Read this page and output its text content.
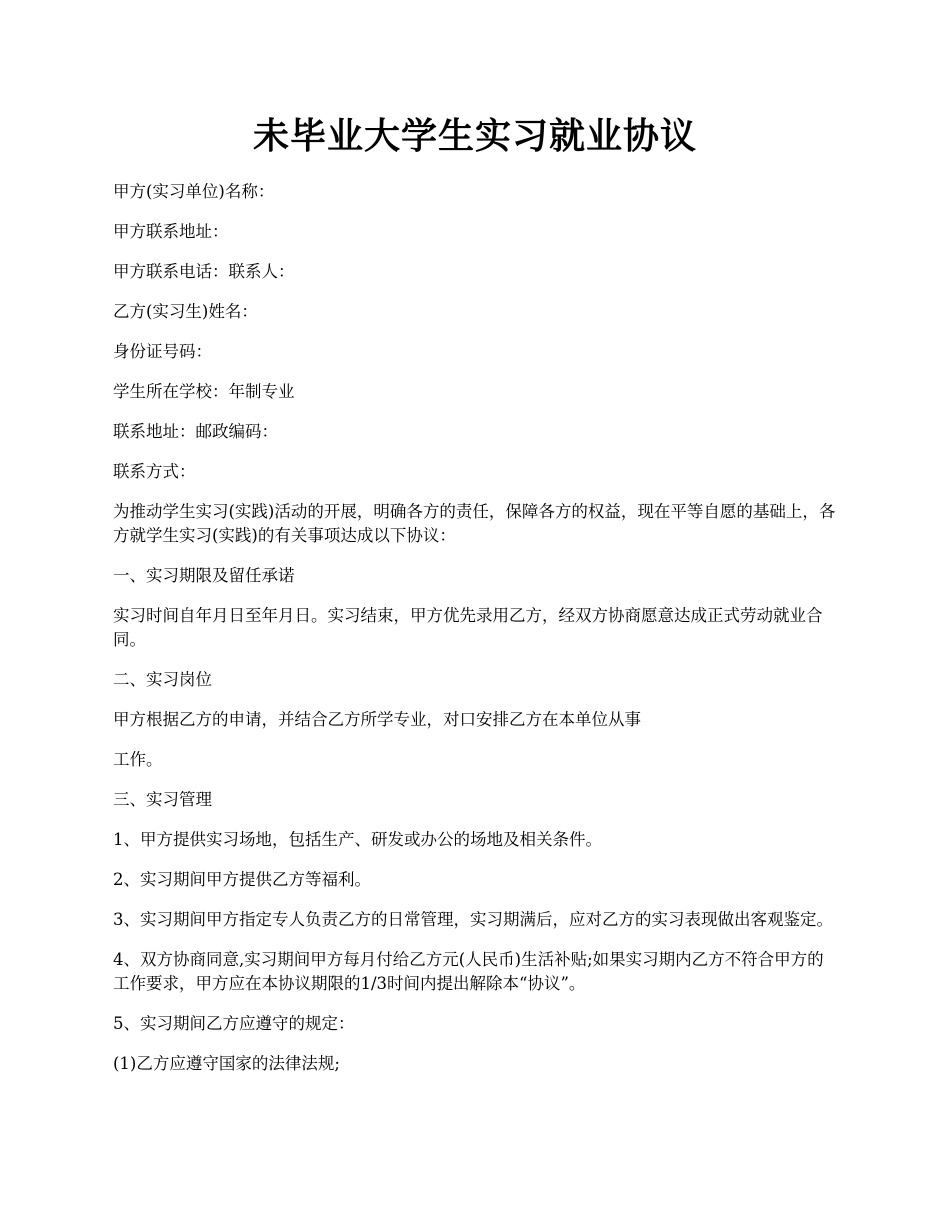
未毕业大学生实习就业协议

甲方(实习单位)名称：

甲方联系地址：

甲方联系电话：联系人：

乙方(实习生)姓名：

身份证号码：

学生所在学校：年制专业

联系地址：邮政编码：

联系方式：

为推动学生实习(实践)活动的开展，明确各方的责任，保障各方的权益，现在平等自愿的基础上，各方就学生实习(实践)的有关事项达成以下协议：

一、实习期限及留任承诺

实习时间自年月日至年月日。实习结束，甲方优先录用乙方，经双方协商愿意达成正式劳动就业合同。

二、实习岗位

甲方根据乙方的申请，并结合乙方所学专业，对口安排乙方在本单位从事

工作。

三、实习管理

1、甲方提供实习场地，包括生产、研发或办公的场地及相关条件。

2、实习期间甲方提供乙方等福利。

3、实习期间甲方指定专人负责乙方的日常管理，实习期满后，应对乙方的实习表现做出客观鉴定。

4、双方协商同意,实习期间甲方每月付给乙方元(人民币)生活补贴;如果实习期内乙方不符合甲方的工作要求，甲方应在本协议期限的1/3时间内提出解除本“协议”。

5、实习期间乙方应遵守的规定：

(1)乙方应遵守国家的法律法规;
